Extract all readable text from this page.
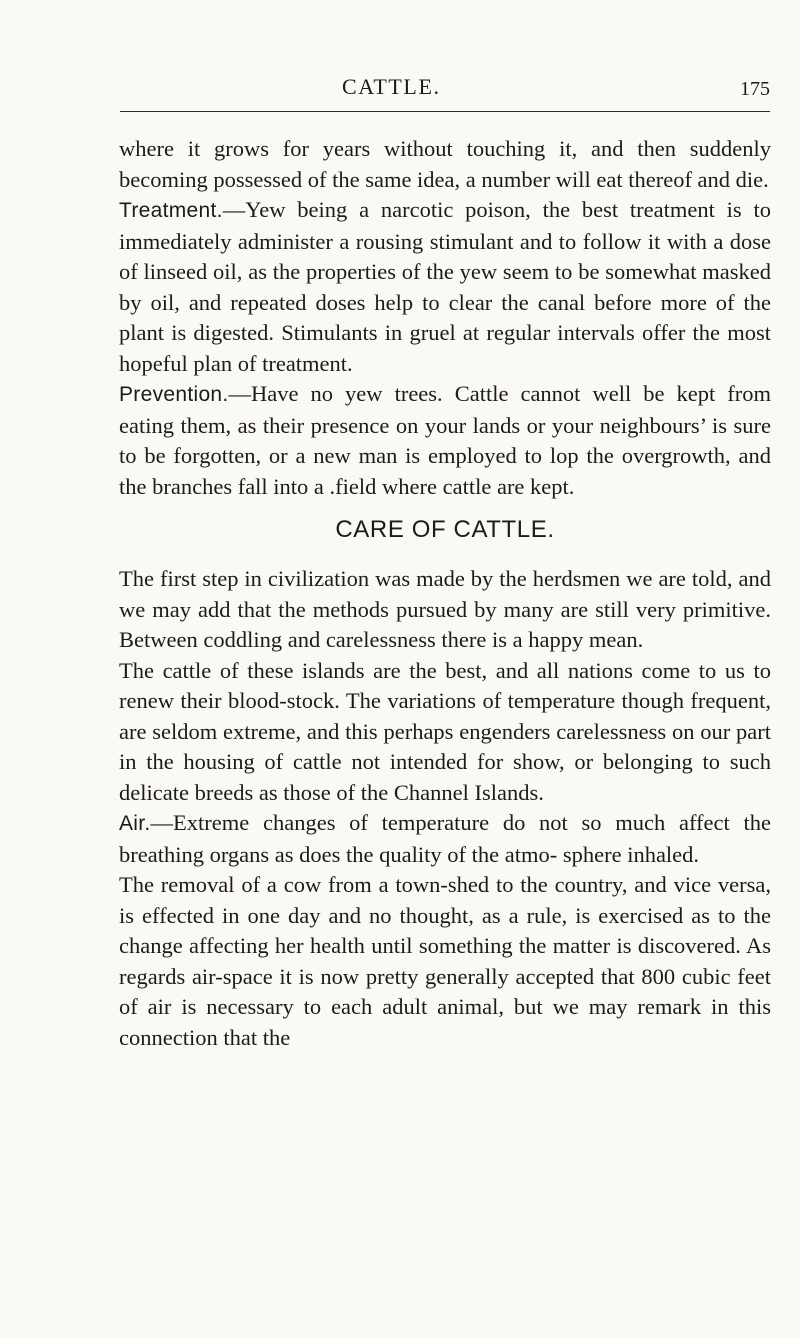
CATTLE.	175

where it grows for years without touching it, and then suddenly becoming possessed of the same idea, a number will eat thereof and die.

Treatment.—Yew being a narcotic poison, the best treatment is to immediately administer a rousing stimulant and to follow it with a dose of linseed oil, as the properties of the yew seem to be somewhat masked by oil, and repeated doses help to clear the canal before more of the plant is digested. Stimulants in gruel at regular intervals offer the most hopeful plan of treatment.

Prevention.—Have no yew trees. Cattle cannot well be kept from eating them, as their presence on your lands or your neighbours’ is sure to be forgotten, or a new man is employed to lop the overgrowth, and the branches fall into a .field where cattle are kept.

CARE OF CATTLE.

The first step in civilization was made by the herdsmen we are told, and we may add that the methods pursued by many are still very primitive. Between coddling and carelessness there is a happy mean.

The cattle of these islands are the best, and all nations come to us to renew their blood-stock. The variations of temperature though frequent, are seldom extreme, and this perhaps engenders carelessness on our part in the housing of cattle not intended for show, or belonging to such delicate breeds as those of the Channel Islands.

Air.—Extreme changes of temperature do not so much affect the breathing organs as does the quality of the atmo- sphere inhaled.

The removal of a cow from a town-shed to the country, and vice versa, is effected in one day and no thought, as a rule, is exercised as to the change affecting her health until something the matter is discovered. As regards air-space it is now pretty generally accepted that 800 cubic feet of air is necessary to each adult animal, but we may remark in this connection that the
